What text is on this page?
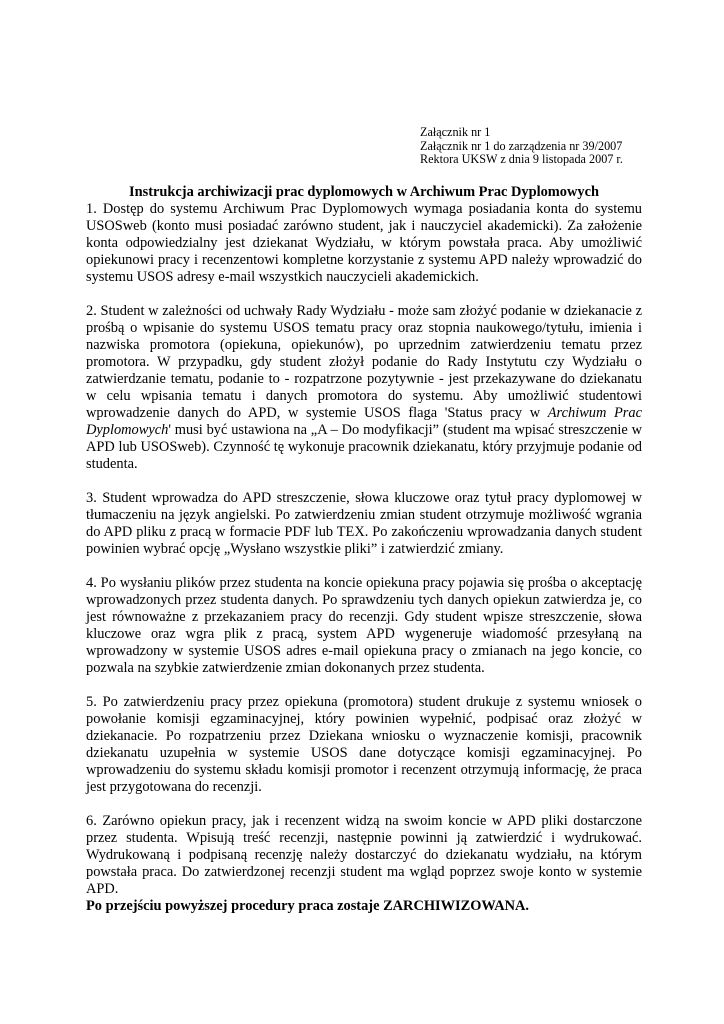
Załącznik nr 1
Załącznik nr 1 do zarządzenia nr 39/2007
Rektora UKSW z dnia 9 listopada 2007 r.
Instrukcja archiwizacji prac dyplomowych w Archiwum Prac Dyplomowych

1. Dostęp do systemu Archiwum Prac Dyplomowych wymaga posiadania konta do systemu USOSweb (konto musi posiadać zarówno student, jak i nauczyciel akademicki). Za założenie konta odpowiedzialny jest dziekanat Wydziału, w którym powstała praca. Aby umożliwić opiekunowi pracy i recenzentowi kompletne korzystanie z systemu APD należy wprowadzić do systemu USOS adresy e-mail wszystkich nauczycieli akademickich.

2. Student w zależności od uchwały Rady Wydziału - może sam złożyć podanie w dziekanacie z prośbą o wpisanie do systemu USOS tematu pracy oraz stopnia naukowego/tytułu, imienia i nazwiska promotora (opiekuna, opiekunów), po uprzednim zatwierdzeniu tematu przez promotora. W przypadku, gdy student złożył podanie do Rady Instytutu czy Wydziału o zatwierdzanie tematu, podanie to - rozpatrzone pozytywnie - jest przekazywane do dziekanatu w celu wpisania tematu i danych promotora do systemu. Aby umożliwić studentowi wprowadzenie danych do APD, w systemie USOS flaga 'Status pracy w Archiwum Prac Dyplomowych' musi być ustawiona na „A – Do modyfikacji” (student ma wpisać streszczenie w APD lub USOSweb). Czynność tę wykonuje pracownik dziekanatu, który przyjmuje podanie od studenta.

3. Student wprowadza do APD streszczenie, słowa kluczowe oraz tytuł pracy dyplomowej w tłumaczeniu na język angielski. Po zatwierdzeniu zmian student otrzymuje możliwość wgrania do APD pliku z pracą w formacie PDF lub TEX. Po zakończeniu wprowadzania danych student powinien wybrać opcję „Wysłano wszystkie pliki” i zatwierdzić zmiany.

4. Po wysłaniu plików przez studenta na koncie opiekuna pracy pojawia się prośba o akceptację wprowadzonych przez studenta danych. Po sprawdzeniu tych danych opiekun zatwierdza je, co jest równoważne z przekazaniem pracy do recenzji. Gdy student wpisze streszczenie, słowa kluczowe oraz wgra plik z pracą, system APD wygeneruje wiadomość przesyłaną na wprowadzony w systemie USOS adres e-mail opiekuna pracy o zmianach na jego koncie, co pozwala na szybkie zatwierdzenie zmian dokonanych przez studenta.

5. Po zatwierdzeniu pracy przez opiekuna (promotora) student drukuje z systemu wniosek o powołanie komisji egzaminacyjnej, który powinien wypełnić, podpisać oraz złożyć w dziekanacie. Po rozpatrzeniu przez Dziekana wniosku o wyznaczenie komisji, pracownik dziekanatu uzupełnia w systemie USOS dane dotyczące komisji egzaminacyjnej. Po wprowadzeniu do systemu składu komisji promotor i recenzent otrzymują informację, że praca jest przygotowana do recenzji.

6. Zarówno opiekun pracy, jak i recenzent widzą na swoim koncie w APD pliki dostarczone przez studenta. Wpisują treść recenzji, następnie powinni ją zatwierdzić i wydrukować. Wydrukowaną i podpisaną recenzję należy dostarczyć do dziekanatu wydziału, na którym powstała praca. Do zatwierdzonej recenzji student ma wgląd poprzez swoje konto w systemie APD.

Po przejściu powyższej procedury praca zostaje ZARCHIWIZOWANA.
